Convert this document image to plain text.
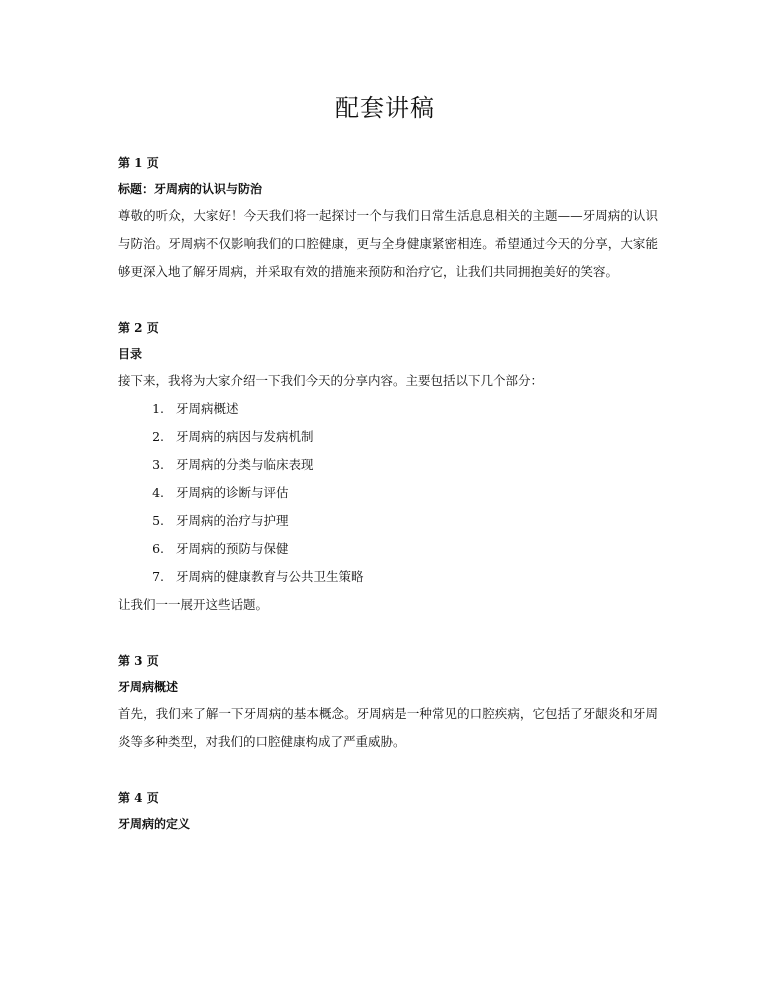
配套讲稿
第 1 页
标题：牙周病的认识与防治

尊敬的听众，大家好！今天我们将一起探讨一个与我们日常生活息息相关的主题——牙周病的认识与防治。牙周病不仅影响我们的口腔健康，更与全身健康紧密相连。希望通过今天的分享，大家能够更深入地了解牙周病，并采取有效的措施来预防和治疗它，让我们共同拥抱美好的笑容。

第 2 页
目录

接下来，我将为大家介绍一下我们今天的分享内容。主要包括以下几个部分：

1. 牙周病概述
2. 牙周病的病因与发病机制
3. 牙周病的分类与临床表现
4. 牙周病的诊断与评估
5. 牙周病的治疗与护理
6. 牙周病的预防与保健
7. 牙周病的健康教育与公共卫生策略

让我们一一展开这些话题。

第 3 页
牙周病概述

首先，我们来了解一下牙周病的基本概念。牙周病是一种常见的口腔疾病，它包括了牙龈炎和牙周炎等多种类型，对我们的口腔健康构成了严重威胁。

第 4 页
牙周病的定义
